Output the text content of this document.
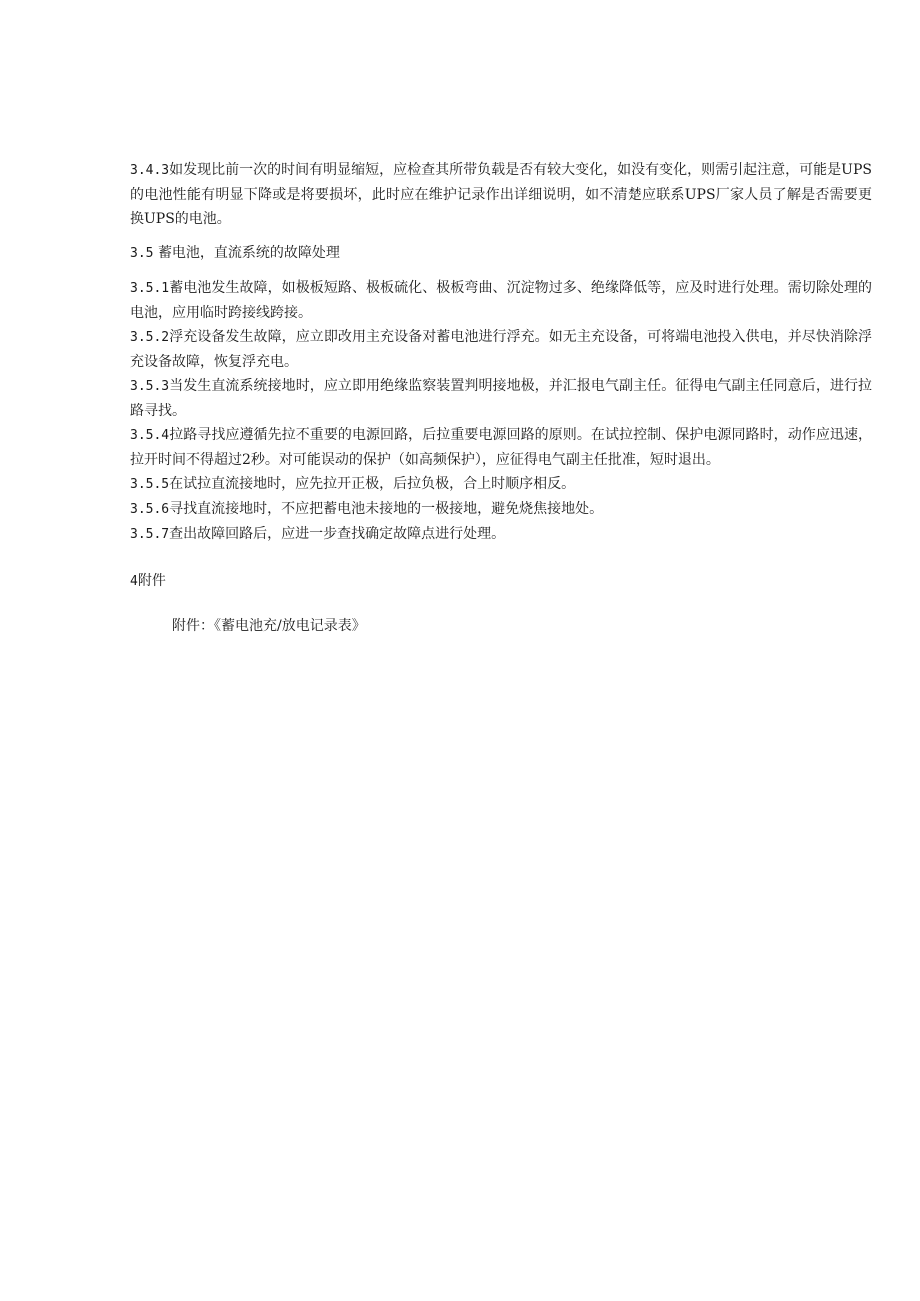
3.4.3如发现比前一次的时间有明显缩短，应检查其所带负载是否有较大变化，如没有变化，则需引起注意，可能是UPS的电池性能有明显下降或是将要损坏，此时应在维护记录作出详细说明，如不清楚应联系UPS厂家人员了解是否需要更换UPS的电池。

3.5 蓄电池，直流系统的故障处理

3.5.1蓄电池发生故障，如极板短路、极板硫化、极板弯曲、沉淀物过多、绝缘降低等，应及时进行处理。需切除处理的电池，应用临时跨接线跨接。

3.5.2浮充设备发生故障，应立即改用主充设备对蓄电池进行浮充。如无主充设备，可将端电池投入供电，并尽快消除浮充设备故障，恢复浮充电。

3.5.3当发生直流系统接地时，应立即用绝缘监察装置判明接地极，并汇报电气副主任。征得电气副主任同意后，进行拉路寻找。

3.5.4拉路寻找应遵循先拉不重要的电源回路，后拉重要电源回路的原则。在试拉控制、保护电源同路时，动作应迅速，拉开时间不得超过2秒。对可能误动的保护（如高频保护），应征得电气副主任批准，短时退出。

3.5.5在试拉直流接地时，应先拉开正极，后拉负极，合上时顺序相反。

3.5.6寻找直流接地时，不应把蓄电池未接地的一极接地，避免烧焦接地处。

3.5.7查出故障回路后，应进一步查找确定故障点进行处理。

4附件

附件：《蓄电池充/放电记录表》
